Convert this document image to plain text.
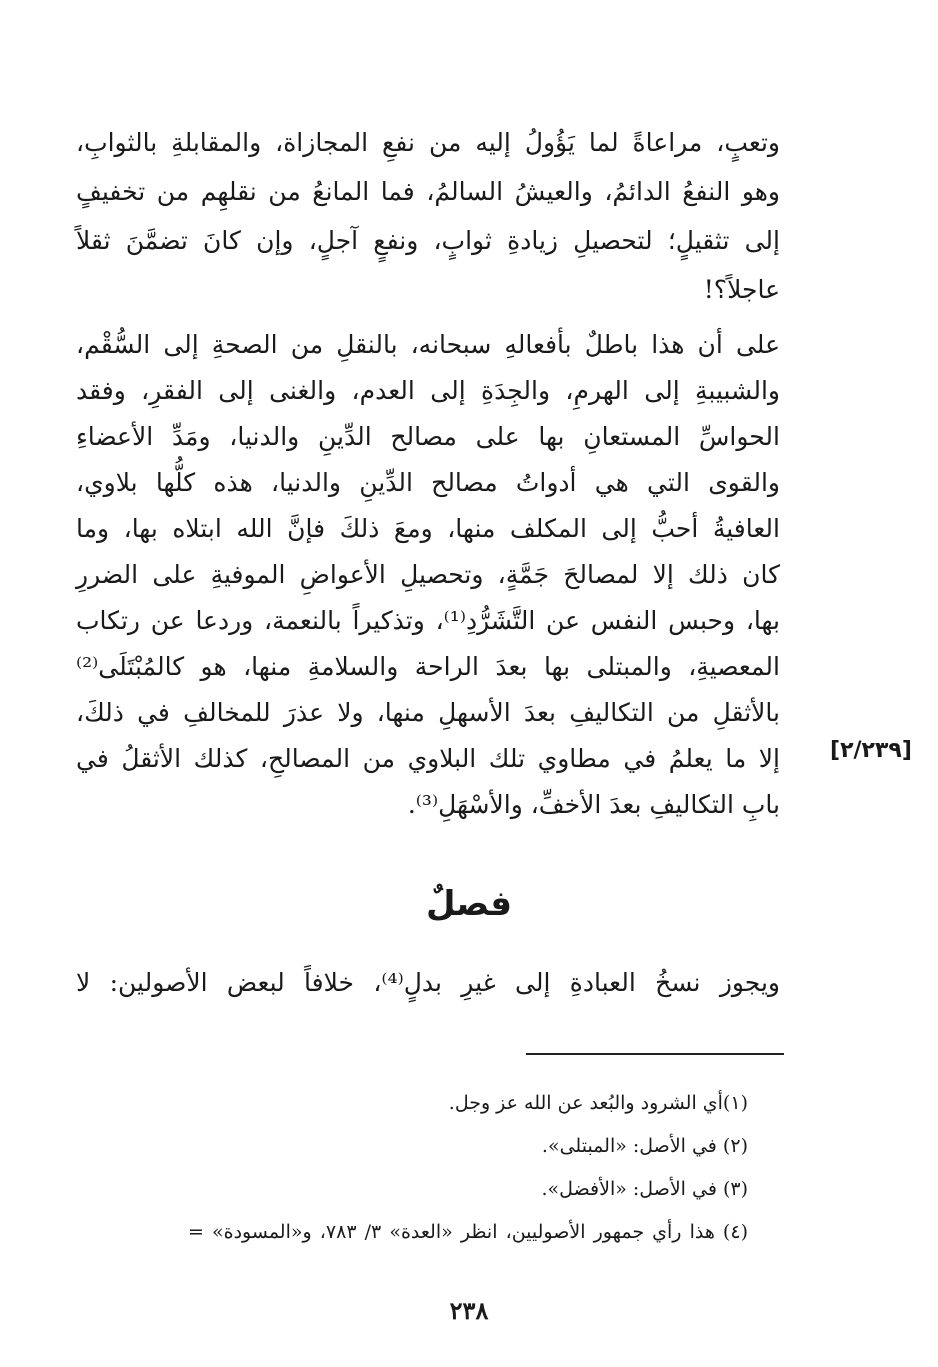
وتعبٍ، مراعاةً لما يَؤُولُ إليه من نفعِ المجازاة، والمقابلةِ بالثوابِ،
وهو النفعُ الدائمُ، والعيشُ السالمُ، فما المانعُ من نقلهِم من تخفيفٍ
إلى تثقيلٍ؛ لتحصيلِ زيادةِ ثوابٍ، ونفعٍ آجلٍ، وإن كانَ تضمَّنَ ثقلاً
عاجلاً؟!
على أن هذا باطلٌ بأفعالهِ سبحانه، بالنقلِ من الصحةِ إلى السُّقْم،
والشبيبةِ إلى الهرمِ، والجِدَةِ إلى العدم، والغنى إلى الفقرِ، وفقد
الحواسِّ المستعانِ بها على مصالح الدِّينِ والدنيا، ومَدِّ الأعضاءِ
والقوى التي هي أدواتُ مصالح الدِّينِ والدنيا، هذه كلُّها بلاوي،
العافيةُ أحبُّ إلى المكلف منها، ومعَ ذلكَ فإنَّ الله ابتلاه بها، وما
كان ذلك إلا لمصالحَ جَمَّةٍ، وتحصيلِ الأعواضِ الموفيةِ على الضررِ
بها، وحبس النفس عن التَّشَرُّدِ⁽¹⁾، وتذكيراً بالنعمة، وردعا عن رتكاب
المعصيةِ، والمبتلى بها بعدَ الراحة والسلامةِ منها، هو كالمُبْتَلَى⁽²⁾
بالأثقلِ من التكاليفِ بعدَ الأسهلِ منها، ولا عذرَ للمخالفِ في ذلكَ،
إلا ما يعلمُ في مطاوي تلك البلاوي من المصالحِ، كذلك الأثقلُ في
بابِ التكاليفِ بعدَ الأخفِّ، والأسْهَلِ⁽³⁾.
[٢/٢٣٩]
فصلٌ
ويجوز نسخُ العبادةِ إلى غيرِ بدلٍ⁽⁴⁾، خلافاً لبعض الأصولين: لا
(١)أي الشرود والبُعد عن الله عز وجل.
(٢) في الأصل: «المبتلى».
(٣) في الأصل: «الأفضل».
(٤) هذا رأي جمهور الأصوليين، انظر «العدة» ٣/ ٧٨٣، و«المسودة» =
٢٣٨
